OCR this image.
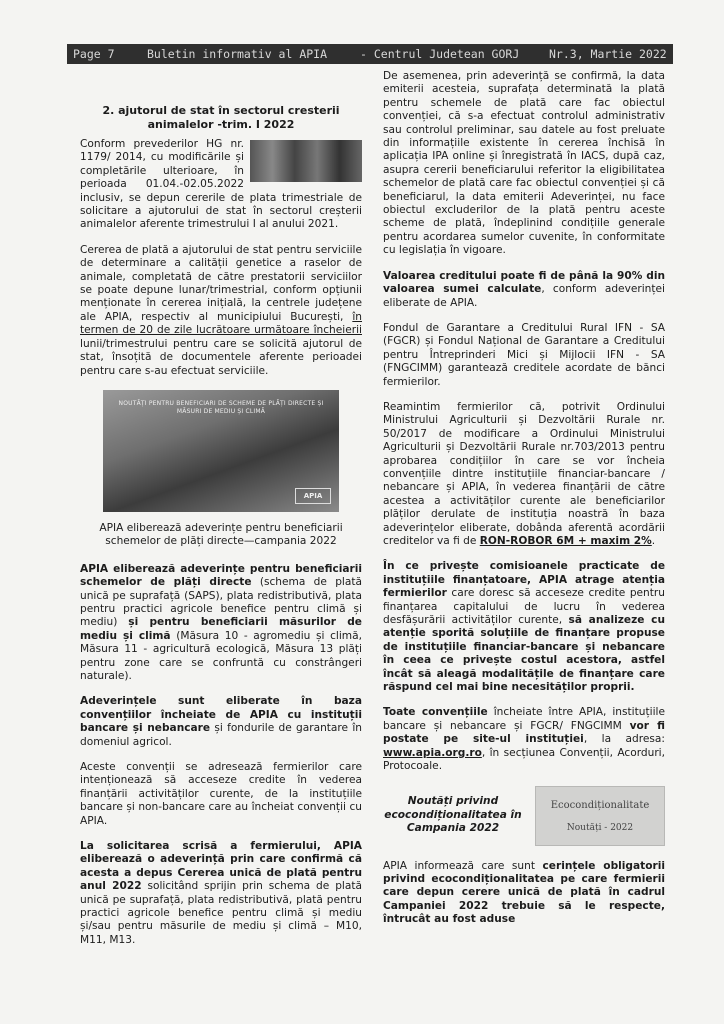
Page 7	Buletin informativ al APIA	- Centrul Judetean GORJ	Nr.3, Martie 2022
2. ajutorul de stat în sectorul cresterii animalelor -trim. I 2022

Conform prevederilor HG nr. 1179/ 2014, cu modificările și completările ulterioare, în perioada 01.04.-02.05.2022 inclusiv, se depun cererile de plata trimestriale de solicitare a ajutorului de stat în sectorul creșterii animalelor aferente trimestrului I al anului 2021.

Cererea de plată a ajutorului de stat pentru serviciile de determinare a calității genetice a raselor de animale, completată de către prestatorii serviciilor se poate depune lunar/trimestrial, conform opțiunii menționate în cererea inițială, la centrele județene ale APIA, respectiv al municipiului București, în termen de 20 de zile lucrătoare următoare încheierii lunii/trimestrului pentru care se solicită ajutorul de stat, însoțită de documentele aferente perioadei pentru care s-au efectuat serviciile.

NOUTĂȚI PENTRU BENEFICIARI DE SCHEME DE PLĂȚI DIRECTE ȘI MĂSURI DE MEDIU ȘI CLIMĂ
APIA
APIA eliberează adeverințe pentru beneficiarii schemelor de plăți directe—campania 2022

APIA eliberează adeverințe pentru beneficiarii schemelor de plăți directe (schema de plată unică pe suprafață (SAPS), plata redistributivă, plata pentru practici agricole benefice pentru climă și mediu) și pentru beneficiarii măsurilor de mediu și climă (Măsura 10 - agromediu și climă, Măsura 11 - agricultură ecologică, Măsura 13 plăți pentru zone care se confruntă cu constrângeri naturale).

Adeverințele sunt eliberate în baza convențiilor încheiate de APIA cu instituții bancare și nebancare și fondurile de garantare în domeniul agricol.

Aceste convenții se adresează fermierilor care intenționează să acceseze credite în vederea finanțării activităților curente, de la instituțiile bancare și non-bancare care au încheiat convenții cu APIA.

La solicitarea scrisă a fermierului, APIA eliberează o adeverință prin care confirmă că acesta a depus Cererea unică de plată pentru anul 2022 solicitând sprijin prin schema de plată unică pe suprafață, plata redistributivă, plată pentru practici agricole benefice pentru climă și mediu și/sau pentru măsurile de mediu și climă – M10, M11, M13.

De asemenea, prin adeverință se confirmă, la data emiterii acesteia, suprafața determinată la plată pentru schemele de plată care fac obiectul convenției, că s-a efectuat controlul administrativ sau controlul preliminar, sau datele au fost preluate din informațiile existente în cererea închisă în aplicația IPA online și înregistrată în IACS, după caz, asupra cererii beneficiarului referitor la eligibilitatea schemelor de plată care fac obiectul convenției și că beneficiarul, la data emiterii Adeverinței, nu face obiectul excluderilor de la plată pentru aceste scheme de plată, îndeplinind condițiile generale pentru acordarea sumelor cuvenite, în conformitate cu legislația în vigoare.

Valoarea creditului poate fi de până la 90% din valoarea sumei calculate, conform adeverinței eliberate de APIA.

Fondul de Garantare a Creditului Rural IFN - SA (FGCR) și Fondul Național de Garantare a Creditului pentru Întreprinderi Mici și Mijlocii IFN - SA (FNGCIMM) garantează creditele acordate de bănci fermierilor.

Reamintim fermierilor că, potrivit Ordinului Ministrului Agriculturii și Dezvoltării Rurale nr. 50/2017 de modificare a Ordinului Ministrului Agriculturii și Dezvoltării Rurale nr.703/2013 pentru aprobarea condițiilor în care se vor încheia convențiile dintre instituțiile financiar-bancare / nebancare și APIA, în vederea finanțării de către acestea a activităților curente ale beneficiarilor plăților derulate de instituția noastră în baza adeverințelor eliberate, dobânda aferentă acordării creditelor va fi de RON-ROBOR 6M + maxim 2%.

În ce privește comisioanele practicate de instituțiile finanțatoare, APIA atrage atenția fermierilor care doresc să acceseze credite pentru finanțarea capitalului de lucru în vederea desfășurării activităților curente, să analizeze cu atenție sporită soluțiile de finanțare propuse de instituțiile financiar-bancare și nebancare în ceea ce privește costul acestora, astfel încât să aleagă modalitățile de finanțare care răspund cel mai bine necesităților proprii.

Toate convențiile încheiate între APIA, instituțiile bancare și nebancare și FGCR/ FNGCIMM vor fi postate pe site-ul instituției, la adresa: www.apia.org.ro, în secțiunea Convenții, Acorduri, Protocoale.

Noutăți privind ecocondiționalitatea în Campania 2022
Ecocondiționalitate
Noutăți - 2022

APIA informează care sunt cerințele obligatorii privind ecocondiționalitatea pe care fermierii care depun cerere unică de plată în cadrul Campaniei 2022 trebuie să le respecte, întrucât au fost aduse
